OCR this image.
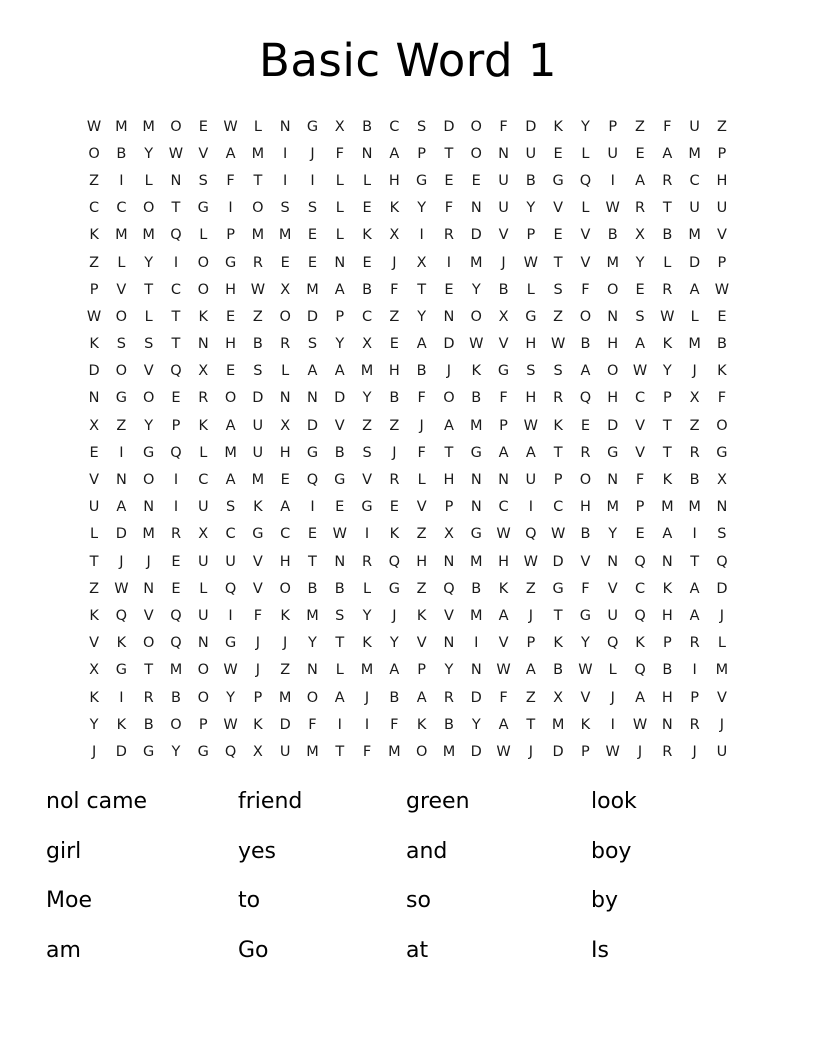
Basic Word 1
W	M	M	O	E	W	L	N	G	X	B	C	S	D	O	F	D	K	Y	P	Z	F	U	Z
O	B	Y	W	V	A	M	I	J	F	N	A	P	T	O	N	U	E	L	U	E	A	M	P
Z	I	L	N	S	F	T	I	I	L	L	H	G	E	E	U	B	G	Q	I	A	R	C	H
C	C	O	T	G	I	O	S	S	L	E	K	Y	F	N	U	Y	V	L	W	R	T	U	U
K	M	M	Q	L	P	M	M	E	L	K	X	I	R	D	V	P	E	V	B	X	B	M	V
Z	L	Y	I	O	G	R	E	E	N	E	J	X	I	M	J	W	T	V	M	Y	L	D	P
P	V	T	C	O	H	W	X	M	A	B	F	T	E	Y	B	L	S	F	O	E	R	A	W
W	O	L	T	K	E	Z	O	D	P	C	Z	Y	N	O	X	G	Z	O	N	S	W	L	E
K	S	S	T	N	H	B	R	S	Y	X	E	A	D	W	V	H	W	B	H	A	K	M	B
D	O	V	Q	X	E	S	L	A	A	M	H	B	J	K	G	S	S	A	O	W	Y	J	K
N	G	O	E	R	O	D	N	N	D	Y	B	F	O	B	F	H	R	Q	H	C	P	X	F
X	Z	Y	P	K	A	U	X	D	V	Z	Z	J	A	M	P	W	K	E	D	V	T	Z	O
E	I	G	Q	L	M	U	H	G	B	S	J	F	T	G	A	A	T	R	G	V	T	R	G
V	N	O	I	C	A	M	E	Q	G	V	R	L	H	N	N	U	P	O	N	F	K	B	X
U	A	N	I	U	S	K	A	I	E	G	E	V	P	N	C	I	C	H	M	P	M	M	N
L	D	M	R	X	C	G	C	E	W	I	K	Z	X	G	W	Q	W	B	Y	E	A	I	S
T	J	J	E	U	U	V	H	T	N	R	Q	H	N	M	H	W	D	V	N	Q	N	T	Q
Z	W	N	E	L	Q	V	O	B	B	L	G	Z	Q	B	K	Z	G	F	V	C	K	A	D
K	Q	V	Q	U	I	F	K	M	S	Y	J	K	V	M	A	J	T	G	U	Q	H	A	J
V	K	O	Q	N	G	J	J	Y	T	K	Y	V	N	I	V	P	K	Y	Q	K	P	R	L
X	G	T	M	O	W	J	Z	N	L	M	A	P	Y	N	W	A	B	W	L	Q	B	I	M
K	I	R	B	O	Y	P	M	O	A	J	B	A	R	D	F	Z	X	V	J	A	H	P	V
Y	K	B	O	P	W	K	D	F	I	I	F	K	B	Y	A	T	M	K	I	W	N	R	J
J	D	G	Y	G	Q	X	U	M	T	F	M	O	M	D	W	J	D	P	W	J	R	J	U
nol came	friend	green	look
girl	yes	and	boy
Moe	to	so	by
am	Go	at	Is
